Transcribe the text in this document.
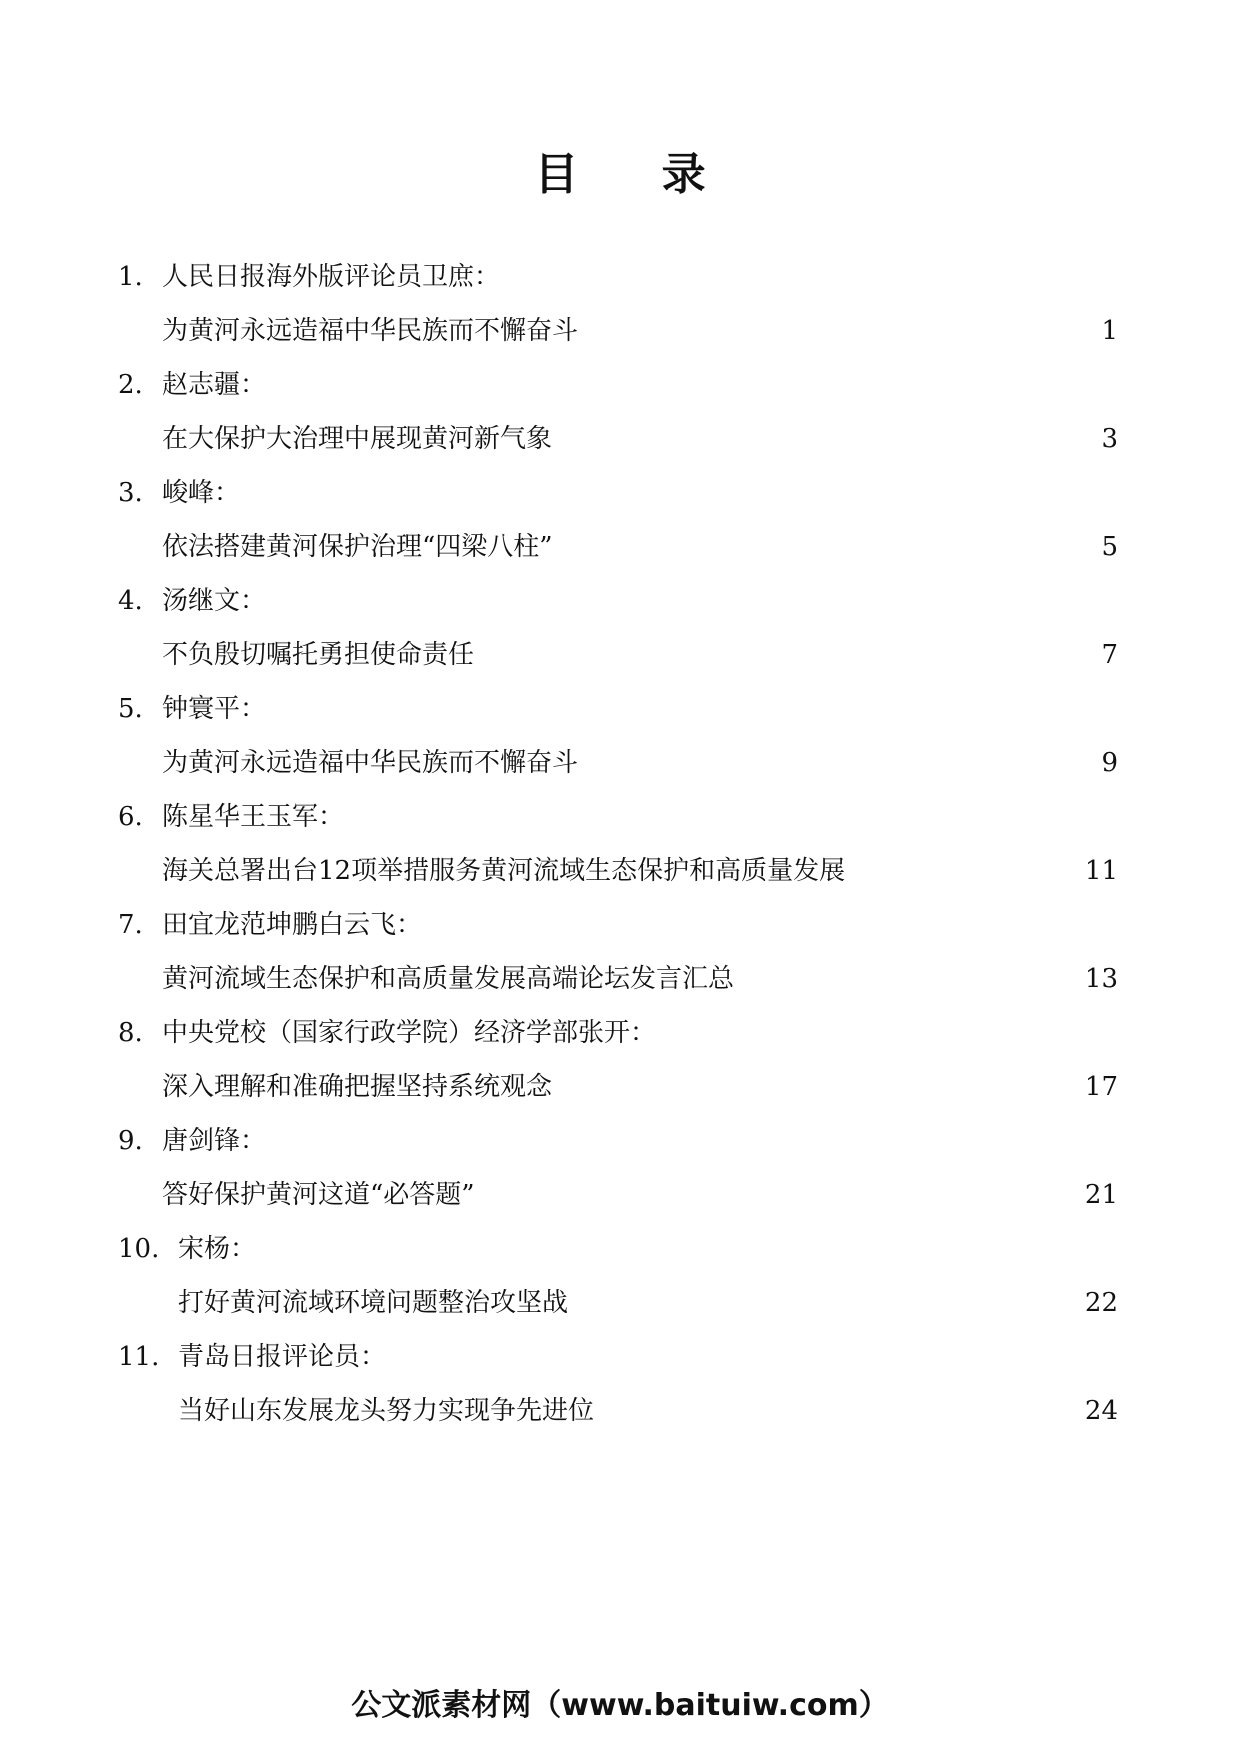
目 录
1. 人民日报海外版评论员卫庶：
为黄河永远造福中华民族而不懈奋斗	1
2. 赵志疆：
在大保护大治理中展现黄河新气象	3
3. 峻峰：
依法搭建黄河保护治理“四梁八柱”	5
4. 汤继文：
不负殷切嘱托勇担使命责任	7
5. 钟寰平：
为黄河永远造福中华民族而不懈奋斗	9
6. 陈星华王玉军：
海关总署出台12项举措服务黄河流域生态保护和高质量发展	11
7. 田宜龙范坤鹏白云飞：
黄河流域生态保护和高质量发展高端论坛发言汇总	13
8. 中央党校（国家行政学院）经济学部张开：
深入理解和准确把握坚持系统观念	17
9. 唐剑锋：
答好保护黄河这道“必答题”	21
10. 宋杨：
打好黄河流域环境问题整治攻坚战	22
11. 青岛日报评论员：
当好山东发展龙头努力实现争先进位	24
公文派素材网（www.baituiw.com）
